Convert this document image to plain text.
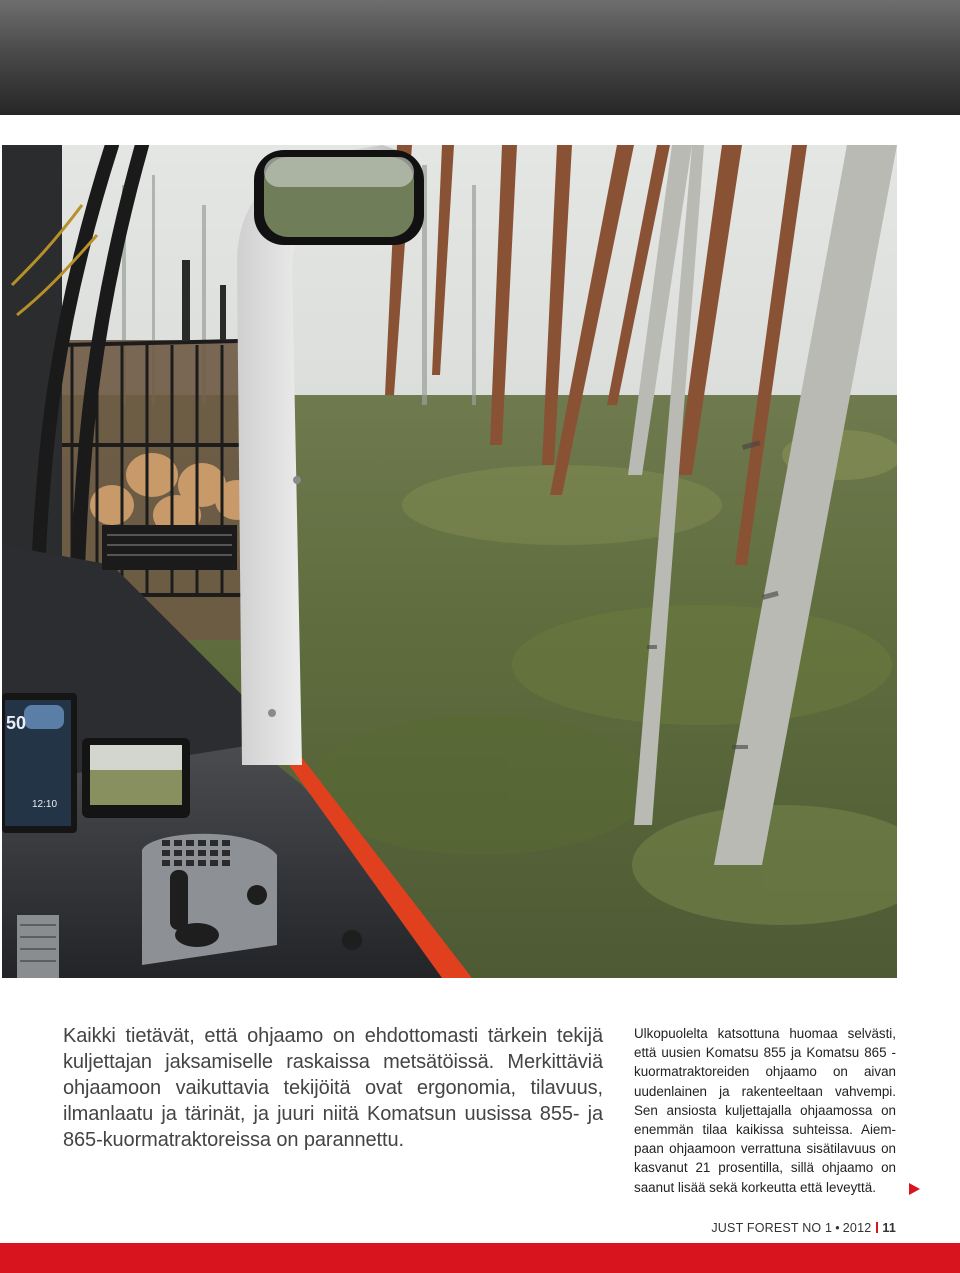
50
12:10

Kaikki tietävät, että ohjaamo on ehdottomasti tärkein tekijä kuljettajan jaksamiselle raskaissa metsätöissä. Merkittäviä ohjaamoon vaikuttavia tekijöitä ovat ergonomia, tilavuus, ilmanlaatu ja tärinät, ja juuri niitä Komatsun uusissa 855- ja 865-kuormatraktoreissa on parannettu.

Ulkopuolelta katsottuna huomaa selvästi, että uusien Komatsu 855 ja Komatsu 865 -kuormatraktoreiden ohjaamo on aivan uudenlainen ja rakenteeltaan vahvempi. Sen ansiosta kuljettajalla ohjaamossa on enemmän tilaa kaikissa suhteissa. Aiem-paan ohjaamoon verrattuna sisätilavuus on kasvanut 21 prosentilla, sillä ohjaamo on
saanut lisää sekä korkeutta että leveyttä.

JUST FOREST NO 1 • 2012 11
